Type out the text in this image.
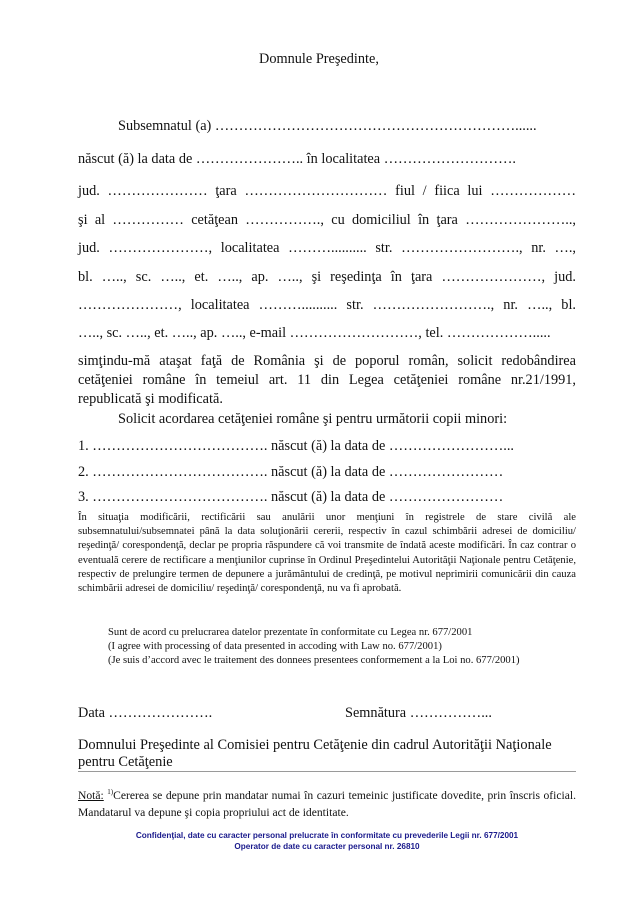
Domnule Preşedinte,
Subsemnatul (a) ………………………………………………………......
născut (ă) la data de ………………….. în localitatea ……………………….
jud. ………………… ţara ………………………… fiul / fiica lui ………………
şi al …………… cetăţean ……………., cu domiciliul în ţara …………………..,
jud. …………………, localitatea ……….......... str. ……………………., nr. ….,
bl. ….., sc. ….., et. ….., ap. ….., şi reşedinţa în ţara …………………, jud.
…………………, localitatea ……….......... str. ……………………., nr. ….., bl.
….., sc. ….., et. ….., ap. ….., e-mail ………………………, tel. ……………….....
simţindu-mă ataşat faţă de România şi de poporul român, solicit redobândirea cetăţeniei române în temeiul art. 11 din Legea cetăţeniei române nr.21/1991, republicată şi modificată.
Solicit acordarea cetăţeniei române şi pentru următorii copii minori:
1. ………………………………. născut (ă) la data de ……………………...
2. ………………………………. născut (ă) la data de ……………………
3. ………………………………. născut (ă) la data de ……………………
În situaţia modificării, rectificării sau anulării unor menţiuni în registrele de stare civilă ale subsemnatului/subsemnatei până la data soluţionării cererii, respectiv în cazul schimbării adresei de domiciliu/ reşedinţă/ corespondenţă, declar pe propria răspundere că voi transmite de îndată aceste modificări. În caz contrar o eventuală cerere de rectificare a menţiunilor cuprinse în Ordinul Preşedintelui Autorităţii Naţionale pentru Cetăţenie, respectiv de prelungire termen de depunere a jurământului de credinţă, pe motivul neprimirii comunicării din cauza schimbării adresei de domiciliu/ reşedinţă/ corespondenţă, nu va fi aprobată.
Sunt de acord cu prelucrarea datelor prezentate în conformitate cu Legea nr. 677/2001
(I agree with processing of data presented in accoding with Law no. 677/2001)
(Je suis d’accord avec le traitement des donnees presentees conformement a la Loi no. 677/2001)
Data ………………….	Semnătura ……………...
Domnului Preşedinte al Comisiei pentru Cetăţenie din cadrul Autorităţii Naţionale
pentru Cetăţenie
Notă: $^{1)}$Cererea se depune prin mandatar numai în cazuri temeinic justificate dovedite, prin înscris oficial. Mandatarul va depune şi copia propriului act de identitate.
Confidenţial, date cu caracter personal prelucrate în conformitate cu prevederile Legii nr. 677/2001
Operator de date cu caracter personal nr. 26810
